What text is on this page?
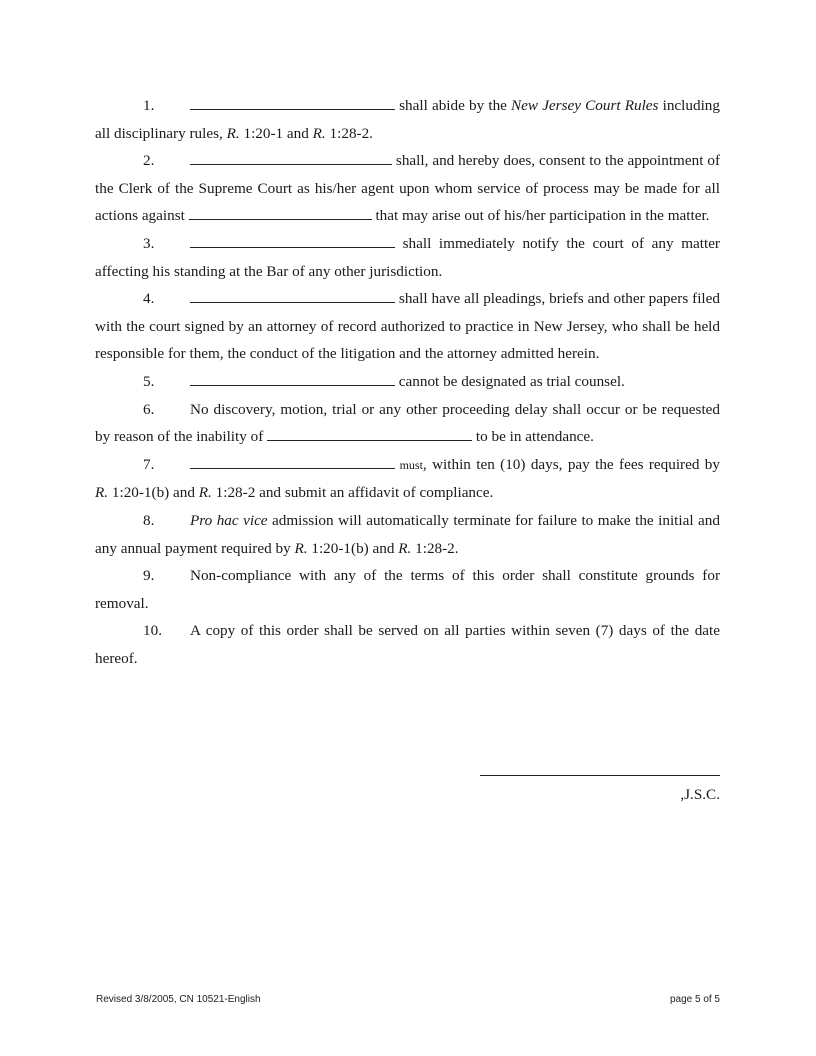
1.	shall abide by the New Jersey Court Rules including all disciplinary rules, R. 1:20-1 and R. 1:28-2.

2.	shall, and hereby does, consent to the appointment of the Clerk of the Supreme Court as his/her agent upon whom service of process may be made for all actions against	that may arise out of his/her participation in the matter.

3.	shall immediately notify the court of any matter affecting his standing at the Bar of any other jurisdiction.

4.	shall have all pleadings, briefs and other papers filed with the court signed by an attorney of record authorized to practice in New Jersey, who shall be held responsible for them, the conduct of the litigation and the attorney admitted herein.

5.	cannot be designated as trial counsel.

6. No discovery, motion, trial or any other proceeding delay shall occur or be requested by reason of the inability of	to be in attendance.

7.	must, within ten (10) days, pay the fees required by R. 1:20-1(b) and R. 1:28-2 and submit an affidavit of compliance.

8. Pro hac vice admission will automatically terminate for failure to make the initial and any annual payment required by R. 1:20-1(b) and R. 1:28-2.

9. Non-compliance with any of the terms of this order shall constitute grounds for removal.

10. A copy of this order shall be served on all parties within seven (7) days of the date hereof.

,J.S.C.
Revised 3/8/2005, CN 10521-English	page 5 of 5
